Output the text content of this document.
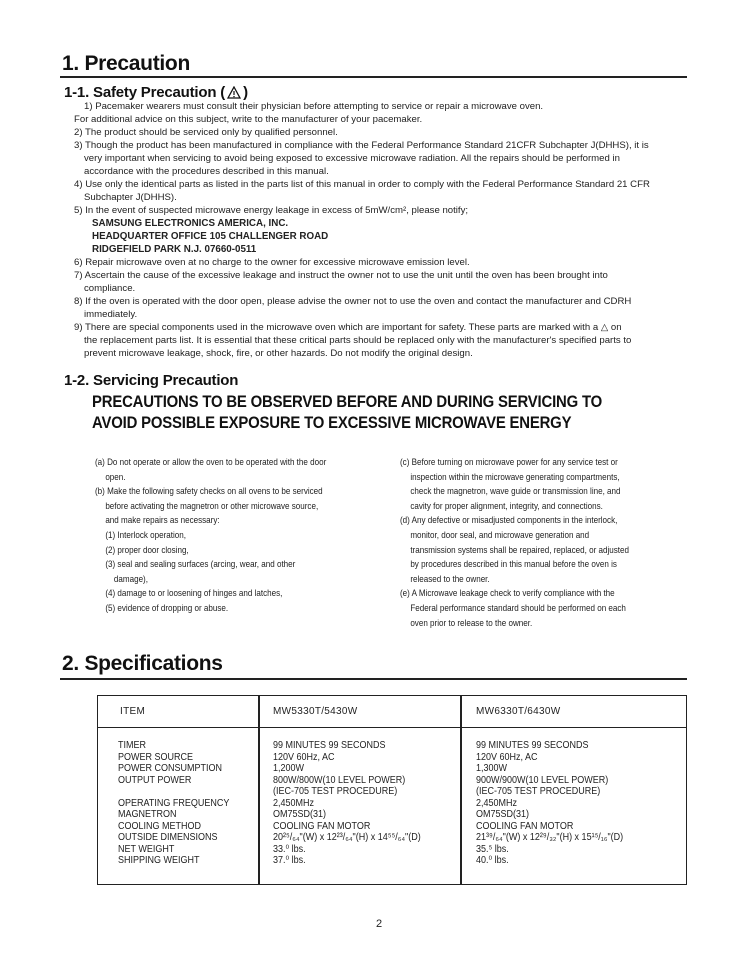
1. Precaution
1-1. Safety Precaution ( )
1) Pacemaker wearers must consult their physician before attempting to service or repair a microwave oven.
For additional advice on this subject, write to the manufacturer of your pacemaker.
2) The product should be serviced only by qualified personnel.
3) Though the product has been manufactured in compliance with the Federal Performance Standard 21CFR Subchapter J(DHHS), it is
very important when servicing to avoid being exposed to excessive microwave radiation. All the repairs should be performed in
accordance with the procedures described in this manual.
4) Use only the identical parts as listed in the parts list of this manual in order to comply with the Federal Performance Standard 21 CFR
Subchapter J(DHHS).
5) In the event of suspected microwave energy leakage in excess of 5mW/cm², please notify;
SAMSUNG ELECTRONICS AMERICA, INC.
HEADQUARTER OFFICE 105 CHALLENGER ROAD
RIDGEFIELD PARK N.J. 07660-0511
6) Repair microwave oven at no charge to the owner for excessive microwave emission level.
7) Ascertain the cause of the excessive leakage and instruct the owner not to use the unit until the oven has been brought into
compliance.
8) If the oven is operated with the door open, please advise the owner not to use the oven and contact the manufacturer and CDRH
immediately.
9) There are special components used in the microwave oven which are important for safety. These parts are marked with a △ on
the replacement parts list. It is essential that these critical parts should be replaced only with the manufacturer's specified parts to
prevent microwave leakage, shock, fire, or other hazards. Do not modify the original design.
1-2. Servicing Precaution
PRECAUTIONS TO BE OBSERVED BEFORE AND DURING SERVICING TO
AVOID POSSIBLE EXPOSURE TO EXCESSIVE MICROWAVE ENERGY
(a) Do not operate or allow the oven to be operated with the door
open.
(b) Make the following safety checks on all ovens to be serviced
before activating the magnetron or other microwave source,
and make repairs as necessary:
(1) Interlock operation,
(2) proper door closing,
(3) seal and sealing surfaces (arcing, wear, and other
damage),
(4) damage to or loosening of hinges and latches,
(5) evidence of dropping or abuse.
(c) Before turning on microwave power for any service test or
inspection within the microwave generating compartments,
check the magnetron, wave guide or transmission line, and
cavity for proper alignment, integrity, and connections.
(d) Any defective or misadjusted components in the interlock,
monitor, door seal, and microwave generation and
transmission systems shall be repaired, replaced, or adjusted
by procedures described in this manual before the oven is
released to the owner.
(e) A Microwave leakage check to verify compliance with the
Federal performance standard should be performed on each
oven prior to release to the owner.
2. Specifications
ITEM	MW5330T/5430W	MW6330T/6430W
TIMER
POWER SOURCE
POWER CONSUMPTION
OUTPUT POWER
OPERATING FREQUENCY
MAGNETRON
COOLING METHOD
OUTSIDE DIMENSIONS
NET WEIGHT
SHIPPING WEIGHT
99 MINUTES 99 SECONDS
120V 60Hz, AC
1,200W
800W/800W(10 LEVEL POWER)
(IEC-705 TEST PROCEDURE)
2,450MHz
OM75SD(31)
COOLING FAN MOTOR
20²⁵/₆₄"(W) x 12²³/₆₄"(H) x 14⁵⁵/₆₄"(D)
33.⁰ lbs.
37.⁰ lbs.
99 MINUTES 99 SECONDS
120V 60Hz, AC
1,300W
900W/900W(10 LEVEL POWER)
(IEC-705 TEST PROCEDURE)
2,450MHz
OM75SD(31)
COOLING FAN MOTOR
21³⁹/₆₄"(W) x 12²⁹/₃₂"(H) x 15¹⁵/₁₆"(D)
35.⁵ lbs.
40.⁰ lbs.
2
